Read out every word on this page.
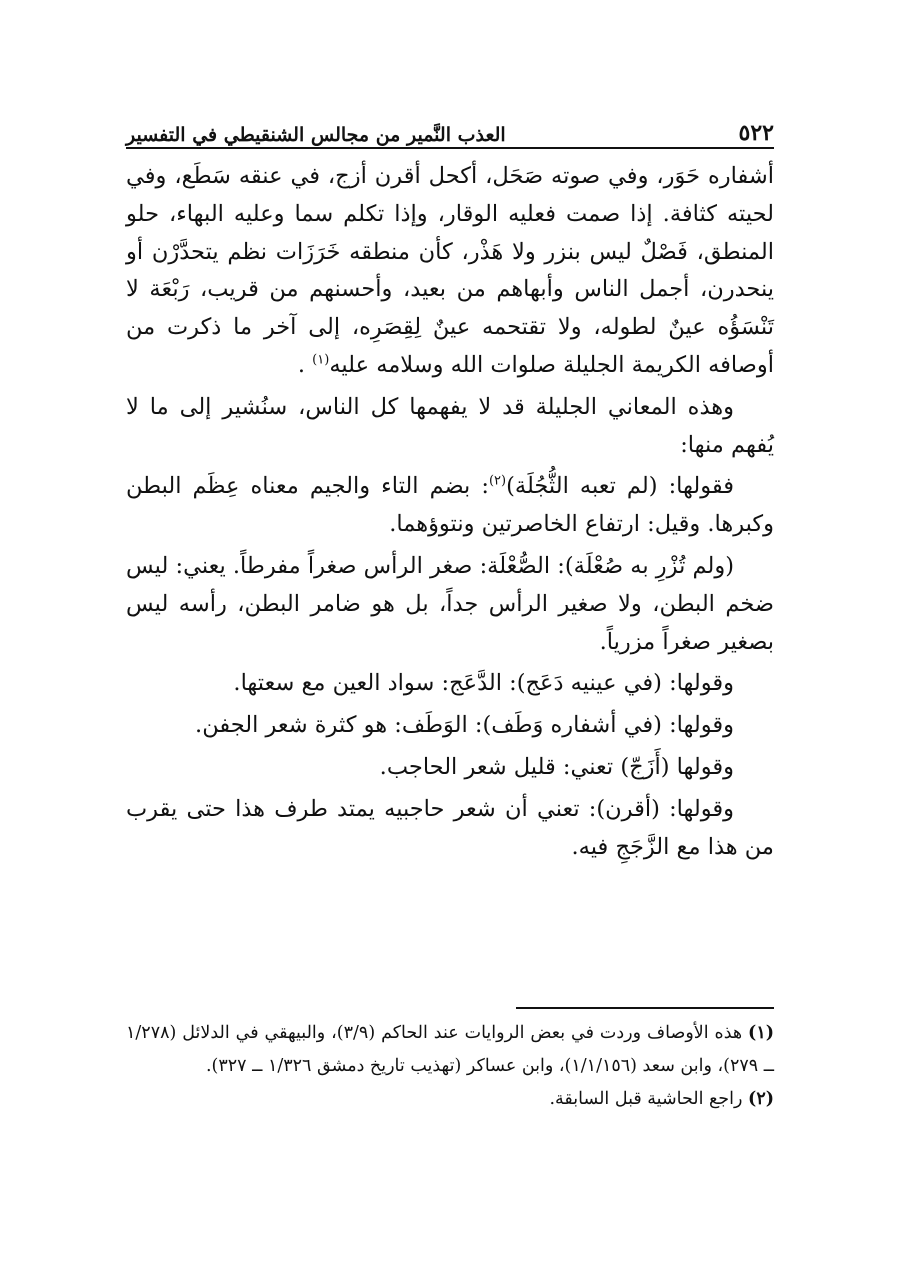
٥٢٢
العذب النَّمير من مجالس الشنقيطي في التفسير

أشفاره حَوَر، وفي صوته صَحَل، أكحل أقرن أزج، في عنقه سَطَع، وفي لحيته كثافة. إذا صمت فعليه الوقار، وإذا تكلم سما وعليه البهاء، حلو المنطق، فَصْلٌ ليس بنزر ولا هَذْر، كأن منطقه خَرَزَات نظم يتحدَّرْن أو ينحدرن، أجمل الناس وأبهاهم من بعيد، وأحسنهم من قريب، رَبْعَة لا تَنْسَؤُه عينٌ لطوله، ولا تقتحمه عينٌ لِقِصَرِه، إلى آخر ما ذكرت من أوصافه الكريمة الجليلة صلوات الله وسلامه عليه$^{(١)}$ .

وهذه المعاني الجليلة قد لا يفهمها كل الناس، سنُشير إلى ما لا يُفهم منها:

فقولها: (لم تعبه الثُّجُلَة)$^{(٢)}$: بضم التاء والجيم معناه عِظَم البطن وكبرها. وقيل: ارتفاع الخاصرتين ونتوؤهما.

(ولم تُزْرِ به صُعْلَة): الصُّعْلَة: صغر الرأس صغراً مفرطاً. يعني: ليس ضخم البطن، ولا صغير الرأس جداً، بل هو ضامر البطن، رأسه ليس بصغير صغراً مزرياً.

وقولها: (في عينيه دَعَج): الدَّعَج: سواد العين مع سعتها.

وقولها: (في أشفاره وَطَف): الوَطَف: هو كثرة شعر الجفن.

وقولها (أَزَجّ) تعني: قليل شعر الحاجب.

وقولها: (أقرن): تعني أن شعر حاجبيه يمتد طرف هذا حتى يقرب من هذا مع الزَّجَجِ فيه.

(١) هذه الأوصاف وردت في بعض الروايات عند الحاكم (٣/٩)، والبيهقي في الدلائل (١/٢٧٨ ــ ٢٧٩)، وابن سعد (١/١/١٥٦)، وابن عساكر (تهذيب تاريخ دمشق ١/٣٢٦ ــ ٣٢٧).

(٢) راجع الحاشية قبل السابقة.
